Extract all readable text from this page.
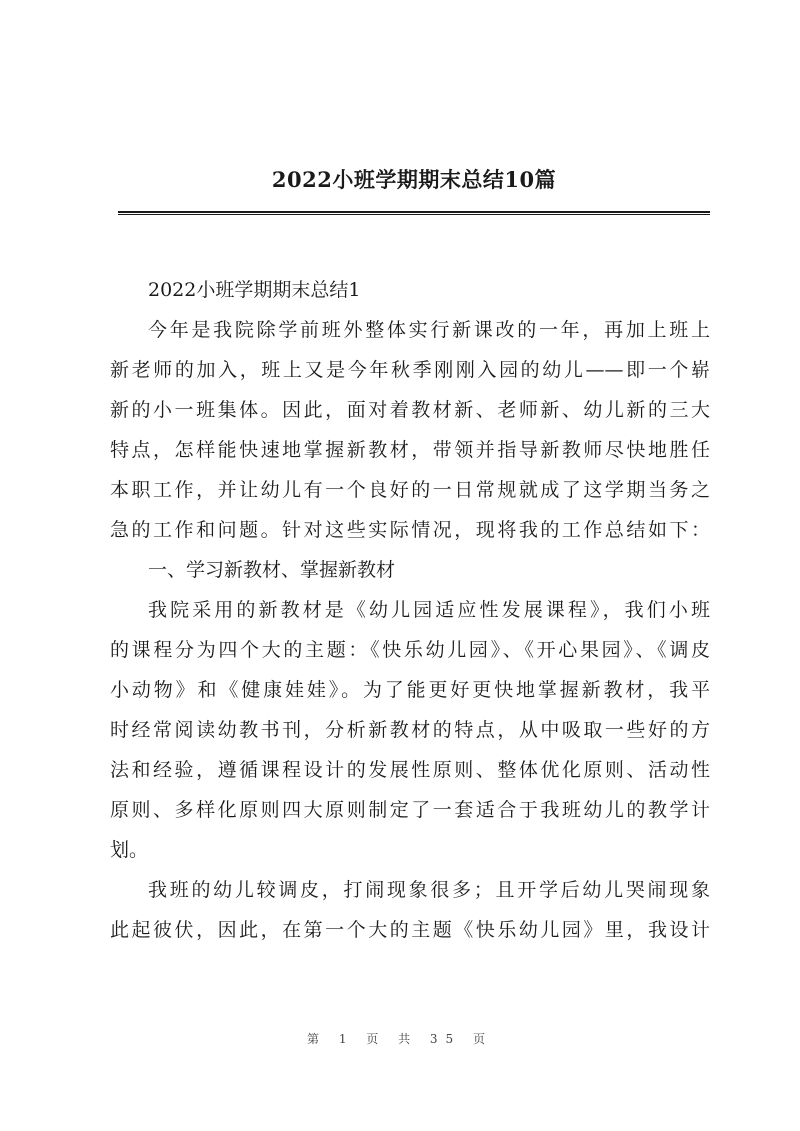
2022小班学期期末总结10篇
2022小班学期期末总结1
今年是我院除学前班外整体实行新课改的一年，再加上班上
新老师的加入，班上又是今年秋季刚刚入园的幼儿——即一个崭
新的小一班集体。因此，面对着教材新、老师新、幼儿新的三大
特点，怎样能快速地掌握新教材，带领并指导新教师尽快地胜任
本职工作，并让幼儿有一个良好的一日常规就成了这学期当务之
急的工作和问题。针对这些实际情况，现将我的工作总结如下：
一、学习新教材、掌握新教材
我院采用的新教材是《幼儿园适应性发展课程》，我们小班
的课程分为四个大的主题：《快乐幼儿园》、《开心果园》、《调皮
小动物》和《健康娃娃》。为了能更好更快地掌握新教材，我平
时经常阅读幼教书刊，分析新教材的特点，从中吸取一些好的方
法和经验，遵循课程设计的发展性原则、整体优化原则、活动性
原则、多样化原则四大原则制定了一套适合于我班幼儿的教学计
划。
我班的幼儿较调皮，打闹现象很多；且开学后幼儿哭闹现象
此起彼伏，因此，在第一个大的主题《快乐幼儿园》里，我设计
第 1 页 共 35 页
